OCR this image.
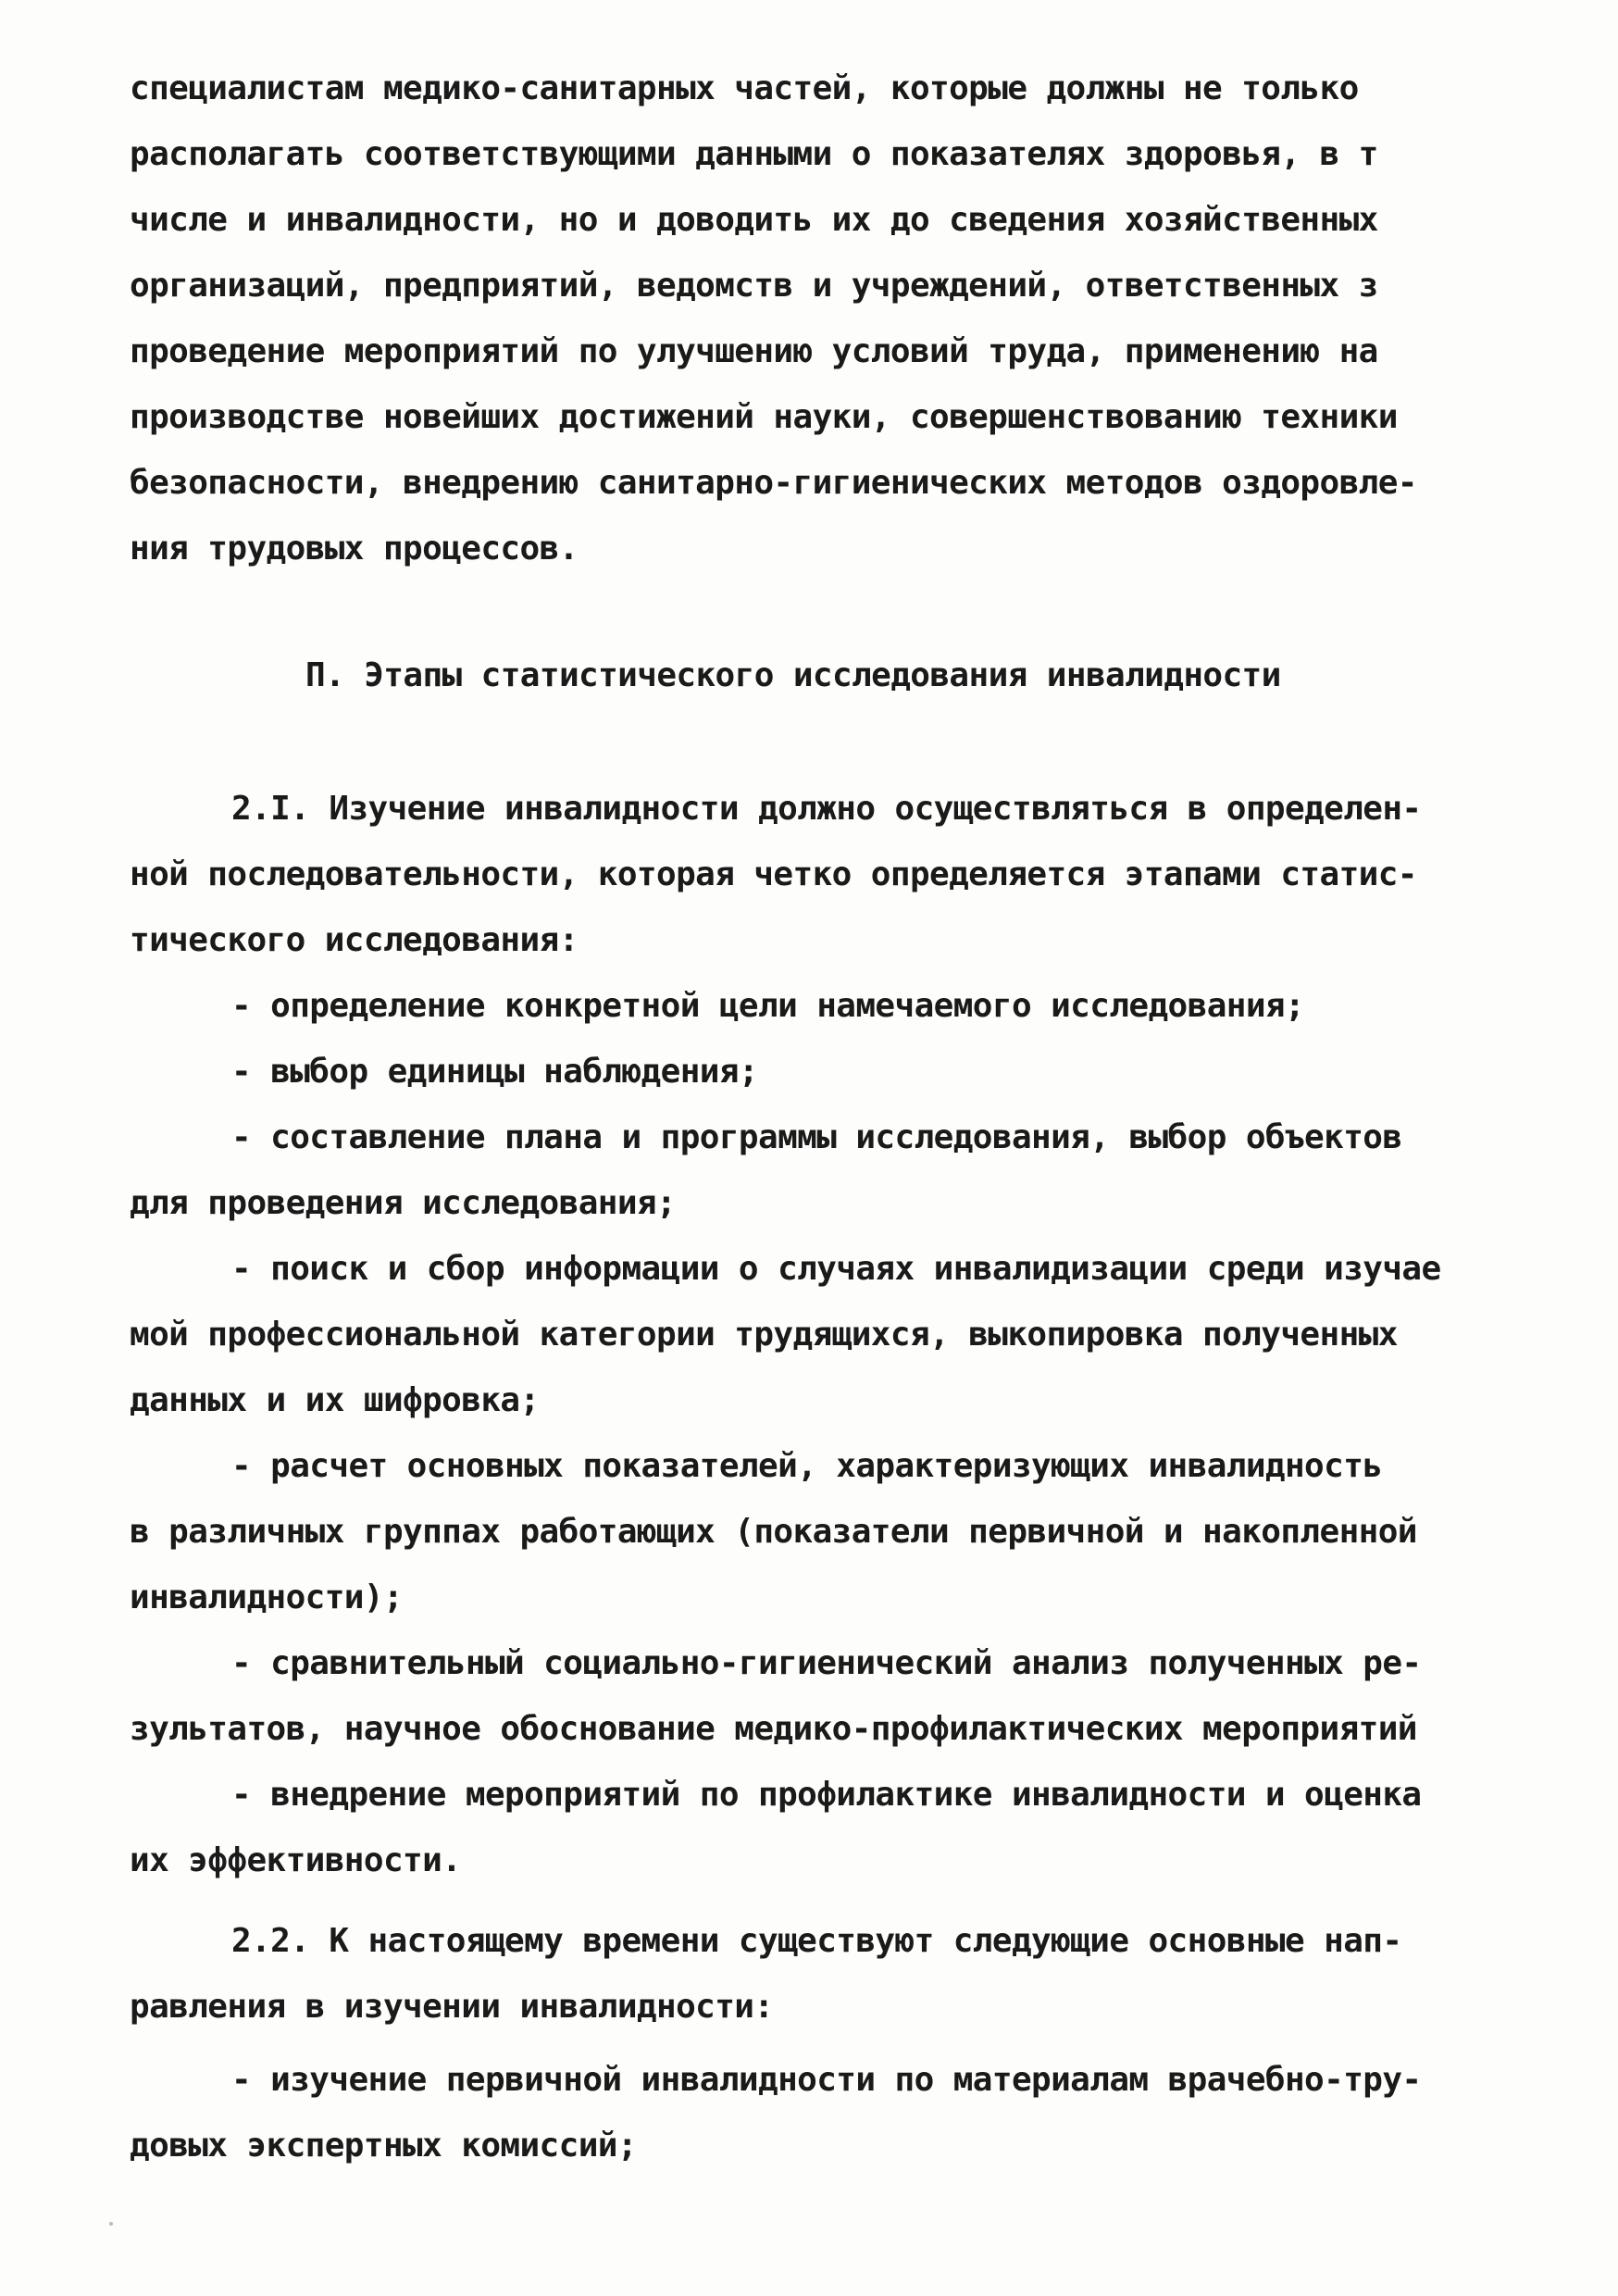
специалистам медико-санитарных частей, которые должны не только
располагать соответствующими данными о показателях здоровья, в т
числе и инвалидности, но и доводить их до сведения хозяйственных
организаций, предприятий, ведомств и учреждений, ответственных з
проведение мероприятий по улучшению условий труда, применению на
производстве новейших достижений науки, совершенствованию техники
безопасности, внедрению санитарно-гигиенических методов оздоровле-
ния трудовых процессов.
П. Этапы статистического исследования инвалидности
2.I. Изучение инвалидности должно осуществляться в определен-
ной последовательности, которая четко определяется этапами статис-
тического исследования:
- определение конкретной цели намечаемого исследования;
- выбор единицы наблюдения;
- составление плана и программы исследования, выбор объектов
для проведения исследования;
- поиск и сбор информации о случаях инвалидизации среди изучае
мой профессиональной категории трудящихся, выкопировка полученных
данных и их шифровка;
- расчет основных показателей, характеризующих инвалидность
в различных группах работающих (показатели первичной и накопленной
инвалидности);
- сравнительный социально-гигиенический анализ полученных ре-
зультатов, научное обоснование медико-профилактических мероприятий
- внедрение мероприятий по профилактике инвалидности и оценка
их эффективности.
2.2. К настоящему времени существуют следующие основные нап-
равления в изучении инвалидности:
- изучение первичной инвалидности по материалам врачебно-тру-
довых экспертных комиссий;
